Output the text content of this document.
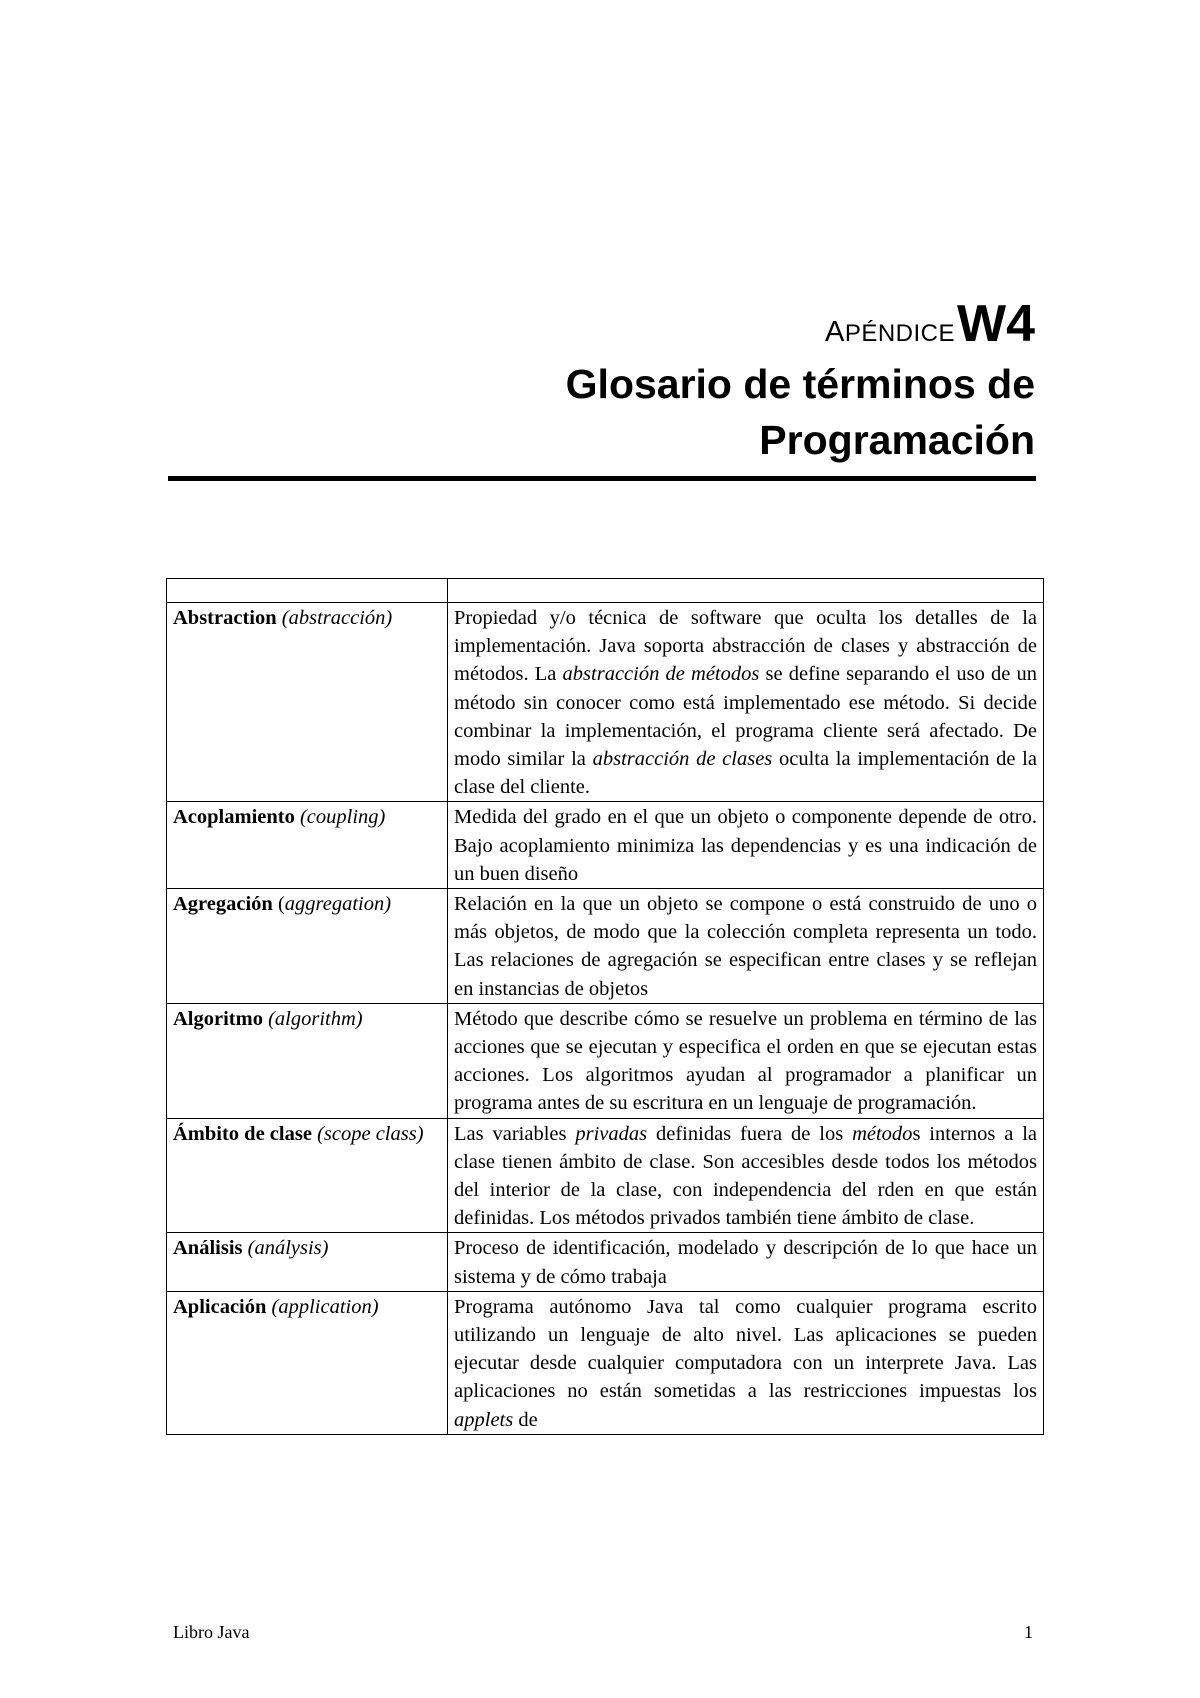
APÉNDICEW4
Glosario de términos de
Programación

Abstraction (abstracción)	Propiedad y/o técnica de software que oculta los detalles de la implementación. Java soporta abstracción de clases y abstracción de métodos. La abstracción de métodos se define separando el uso de un método sin conocer como está implementado ese método. Si decide combinar la implementación, el programa cliente será afectado. De modo similar la abstracción de clases oculta la implementación de la clase del cliente.
Acoplamiento (coupling)	Medida del grado en el que un objeto o componente depende de otro. Bajo acoplamiento minimiza las dependencias y es una indicación de un buen diseño
Agregación (aggregation)	Relación en la que un objeto se compone o está construido de uno o más objetos, de modo que la colección completa representa un todo. Las relaciones de agregación se especifican entre clases y se reflejan en instancias de objetos
Algoritmo (algorithm)	Método que describe cómo se resuelve un problema en término de las acciones que se ejecutan y especifica el orden en que se ejecutan estas acciones. Los algoritmos ayudan al programador a planificar un programa antes de su escritura en un lenguaje de programación.
Ámbito de clase (scope class)	Las variables privadas definidas fuera de los métodos internos a la clase tienen ámbito de clase. Son accesibles desde todos los métodos del interior de la clase, con independencia del rden en que están definidas. Los métodos privados también tiene ámbito de clase.
Análisis (análysis)	Proceso de identificación, modelado y descripción de lo que hace un sistema y de cómo trabaja
Aplicación (application)	Programa autónomo Java tal como cualquier programa escrito utilizando un lenguaje de alto nivel. Las aplicaciones se pueden ejecutar desde cualquier computadora con un interprete Java. Las aplicaciones no están sometidas a las restricciones impuestas los applets de
Libro Java	1
